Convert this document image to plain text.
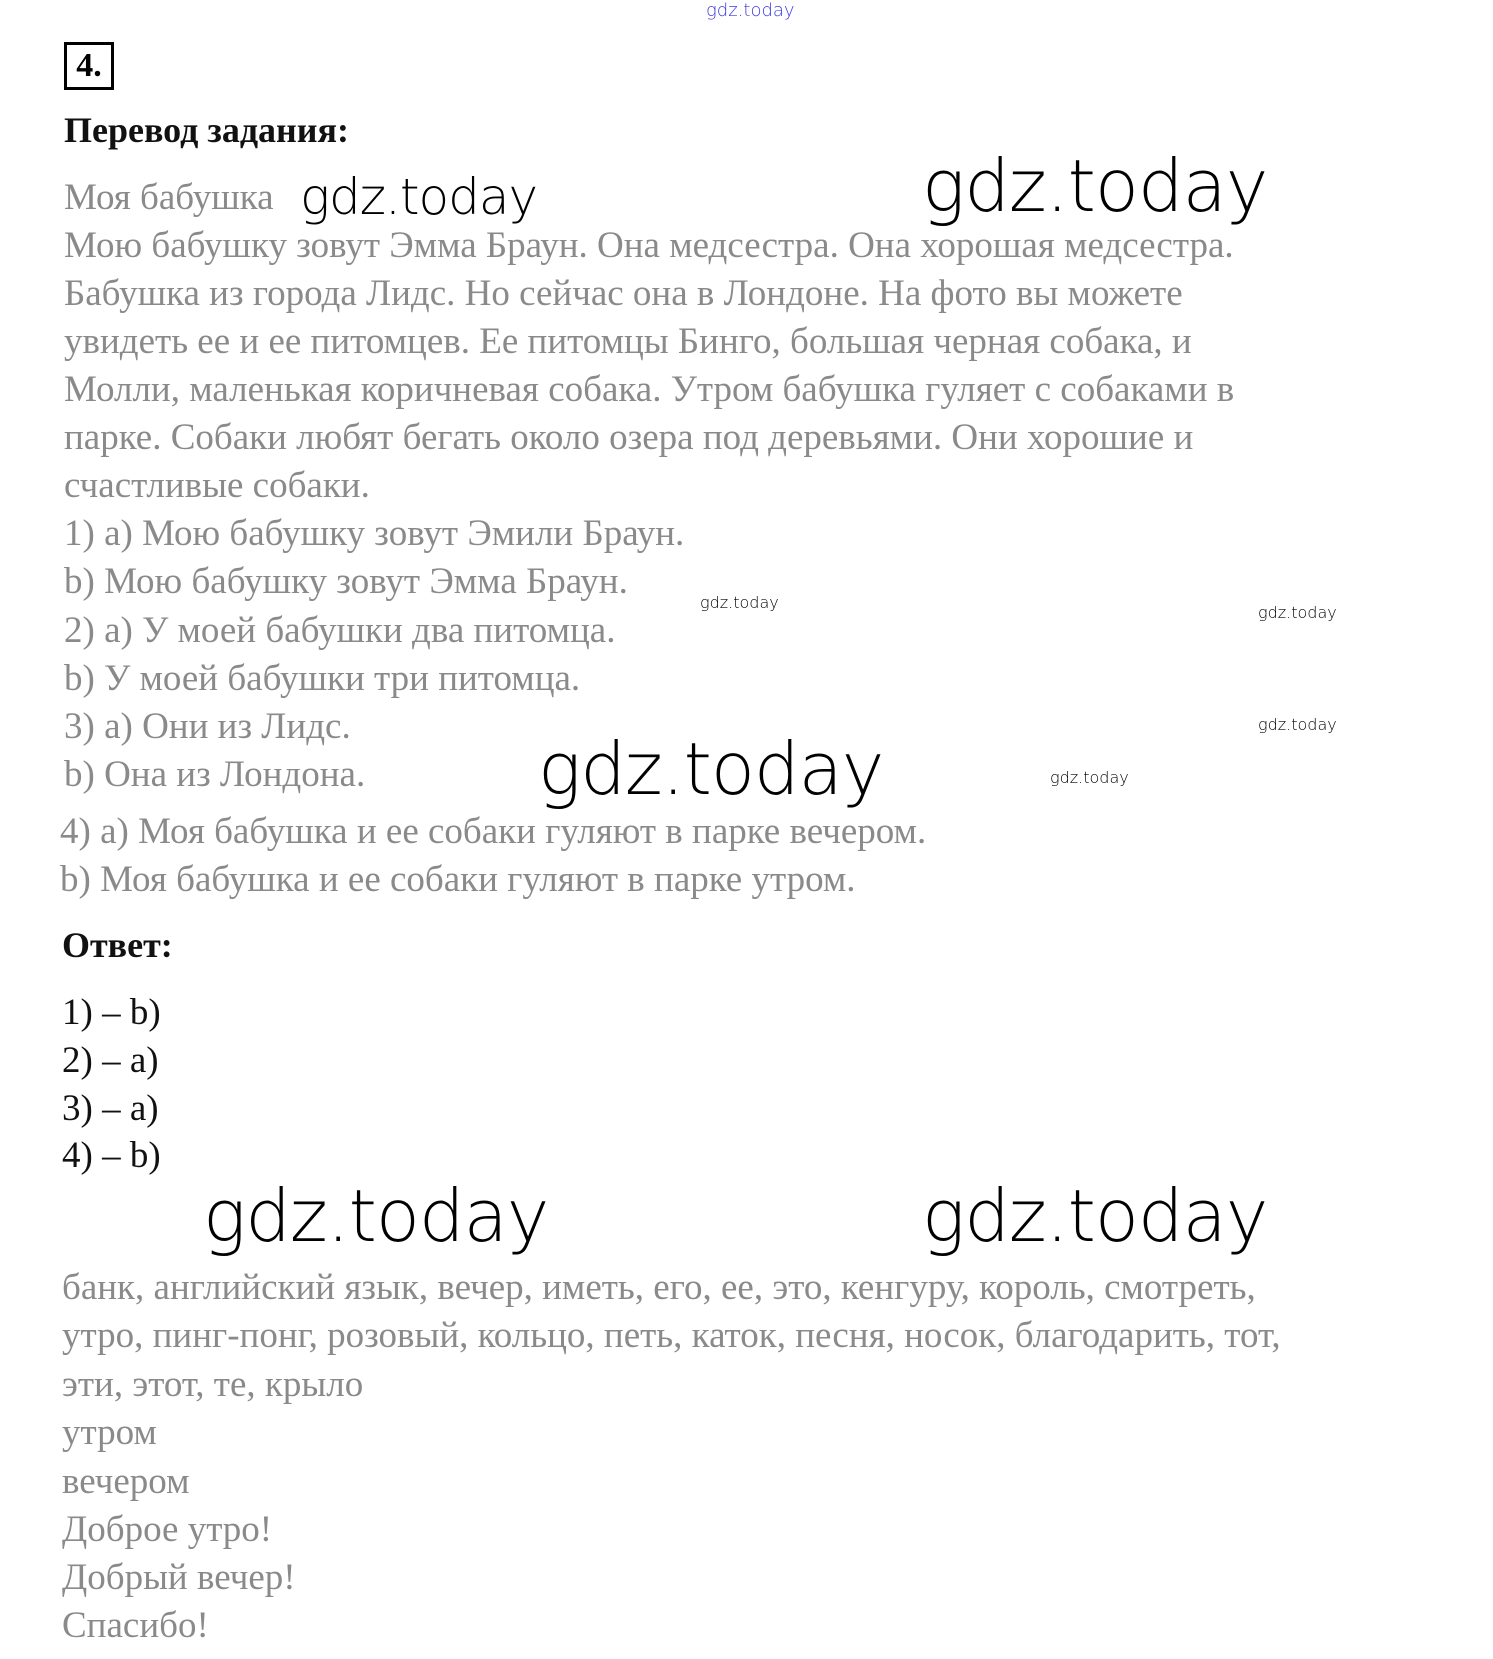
gdz.today
4.
Перевод задания:
Моя бабушка
Мою бабушку зовут Эмма Браун. Она медсестра. Она хорошая медсестра.
Бабушка из города Лидс. Но сейчас она в Лондоне. На фото вы можете
увидеть ее и ее питомцев. Ее питомцы Бинго, большая черная собака, и
Молли, маленькая коричневая собака. Утром бабушка гуляет с собаками в
парке. Собаки любят бегать около озера под деревьями. Они хорошие и
счастливые собаки.
1) а) Мою бабушку зовут Эмили Браун.
b) Мою бабушку зовут Эмма Браун.
2) а) У моей бабушки два питомца.
b) У моей бабушки три питомца.
3) а) Они из Лидс.
b) Она из Лондона.
4) а) Моя бабушка и ее собаки гуляют в парке вечером.
b) Моя бабушка и ее собаки гуляют в парке утром.
Ответ:
1) – b)
2) – a)
3) – a)
4) – b)
банк, английский язык, вечер, иметь, его, ее, это, кенгуру, король, смотреть,
утро, пинг-понг, розовый, кольцо, петь, каток, песня, носок, благодарить, тот,
эти, этот, те, крыло
утром
вечером
Доброе утро!
Добрый вечер!
Спасибо!
gdz.today	gdz.today
gdz.today
gdz.today
gdz.today
gdz.today	gdz.today
gdz.today	gdz.today
